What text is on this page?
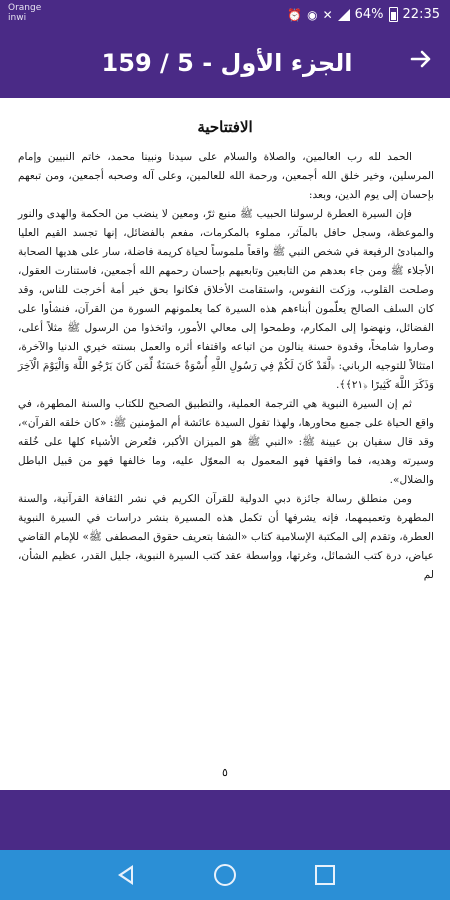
Orange
inwi	⏰ ◉ ✕ 64% 22:35
الجزء الأول - 5 / 159
الافتتاحية

الحمد لله رب العالمين، والصلاة والسلام على سيدنا ونبينا محمد، خاتم النبيين وإمام المرسلين، وخير خلق الله أجمعين، ورحمة الله للعالمين، وعلى آله وصحبه أجمعين، ومن تبعهم بإحسان إلى يوم الدين، وبعد:

فإن السيرة العطرة لرسولنا الحبيب ﷺ منبع ثرّ، ومعين لا ينضب من الحكمة والهدى والنور والموعظة، وسجل حافل بالمآثر، مملوء بالمكرمات، مفعم بالفضائل، إنها تجسد القيم العليا والمبادئ الرفيعة في شخص النبي ﷺ واقعاً ملموساً لحياة كريمة فاضلة، سار على هديها الصحابة الأجلاء ﷺ ومن جاء بعدهم من التابعين وتابعيهم بإحسان رحمهم الله أجمعين، فاستنارت العقول، وصلحت القلوب، وزكت النفوس، واستقامت الأخلاق فكانوا بحق خير أمة أخرجت للناس، وقد كان السلف الصالح يعلّمون أبناءهم هذه السيرة كما يعلمونهم السورة من القرآن، فنشأوا على الفضائل، ونهضوا إلى المكارم، وطمحوا إلى معالي الأمور، واتخذوا من الرسول ﷺ مثلاً أعلى، وصاروا شامخاً، وقدوة حسنة ينالون من اتباعه واقتفاء أثره والعمل بسنته خيري الدنيا والآخرة، امتثالاً للتوجيه الرباني: ﴿لَّقَدْ كَانَ لَكُمْ فِي رَسُولِ اللَّهِ أُسْوَةٌ حَسَنَةٌ لِّمَن كَانَ يَرْجُو اللَّهَ وَالْيَوْمَ الْآخِرَ وَذَكَرَ اللَّهَ كَثِيرًا ﴿٢١﴾﴾.

ثم إن السيرة النبوية هي الترجمة العملية، والتطبيق الصحيح للكتاب والسنة المطهرة، في واقع الحياة على جميع محاورها، ولهذا تقول السيدة عائشة أم المؤمنين ﷺ: «كان خلقه القرآن»، وقد قال سفيان بن عيينة ﷺ: «النبي ﷺ هو الميزان الأكبر، فتُعرض الأشياء كلها على خُلقه وسيرته وهديه، فما وافقها فهو المعمول به المعوّل عليه، وما خالفها فهو من قبيل الباطل والضلال».

ومن منطلق رسالة جائزة دبي الدولية للقرآن الكريم في نشر الثقافة القرآنية، والسنة المطهرة وتعميمهما، فإنه يشرفها أن تكمل هذه المسيرة بنشر دراسات في السيرة النبوية العطرة، وتقدم إلى المكتبة الإسلامية كتاب «الشفا بتعريف حقوق المصطفى ﷺ» للإمام القاضي عياض، درة كتب الشمائل، وغرتها، وواسطة عقد كتب السيرة النبوية، جليل القدر، عظيم الشأن، لم

٥
